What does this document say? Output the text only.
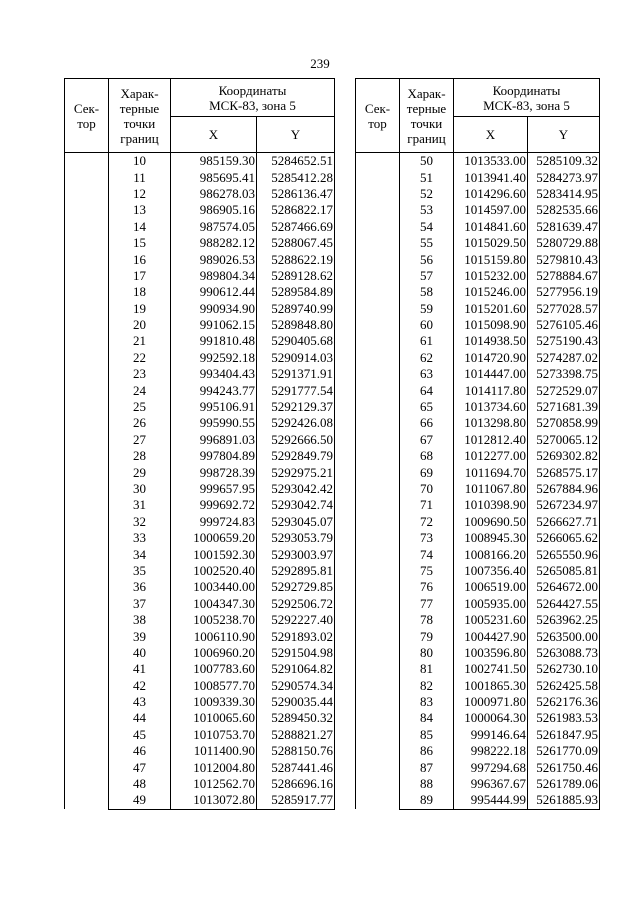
239
Сек-
тор	Харак-
терные
точки
границ	Координаты
МСК-83, зона 5	
		X	Y
	10	985159.30	5284652.51
	11	985695.41	5285412.28
	12	986278.03	5286136.47
	13	986905.16	5286822.17
	14	987574.05	5287466.69
	15	988282.12	5288067.45
	16	989026.53	5288622.19
	17	989804.34	5289128.62
	18	990612.44	5289584.89
	19	990934.90	5289740.99
	20	991062.15	5289848.80
	21	991810.48	5290405.68
	22	992592.18	5290914.03
	23	993404.43	5291371.91
	24	994243.77	5291777.54
	25	995106.91	5292129.37
	26	995990.55	5292426.08
	27	996891.03	5292666.50
	28	997804.89	5292849.79
	29	998728.39	5292975.21
	30	999657.95	5293042.42
	31	999692.72	5293042.74
	32	999724.83	5293045.07
	33	1000659.20	5293053.79
	34	1001592.30	5293003.97
	35	1002520.40	5292895.81
	36	1003440.00	5292729.85
	37	1004347.30	5292506.72
	38	1005238.70	5292227.40
	39	1006110.90	5291893.02
	40	1006960.20	5291504.98
	41	1007783.60	5291064.82
	42	1008577.70	5290574.34
	43	1009339.30	5290035.44
	44	1010065.60	5289450.32
	45	1010753.70	5288821.27
	46	1011400.90	5288150.76
	47	1012004.80	5287441.46
	48	1012562.70	5286696.16
	49	1013072.80	5285917.77
Сек-
тор	Харак-
терные
точки
границ	Координаты
МСК-83, зона 5	
		X	Y
	50	1013533.00	5285109.32
	51	1013941.40	5284273.97
	52	1014296.60	5283414.95
	53	1014597.00	5282535.66
	54	1014841.60	5281639.47
	55	1015029.50	5280729.88
	56	1015159.80	5279810.43
	57	1015232.00	5278884.67
	58	1015246.00	5277956.19
	59	1015201.60	5277028.57
	60	1015098.90	5276105.46
	61	1014938.50	5275190.43
	62	1014720.90	5274287.02
	63	1014447.00	5273398.75
	64	1014117.80	5272529.07
	65	1013734.60	5271681.39
	66	1013298.80	5270858.99
	67	1012812.40	5270065.12
	68	1012277.00	5269302.82
	69	1011694.70	5268575.17
	70	1011067.80	5267884.96
	71	1010398.90	5267234.97
	72	1009690.50	5266627.71
	73	1008945.30	5266065.62
	74	1008166.20	5265550.96
	75	1007356.40	5265085.81
	76	1006519.00	5264672.00
	77	1005935.00	5264427.55
	78	1005231.60	5263962.25
	79	1004427.90	5263500.00
	80	1003596.80	5263088.73
	81	1002741.50	5262730.10
	82	1001865.30	5262425.58
	83	1000971.80	5262176.36
	84	1000064.30	5261983.53
	85	999146.64	5261847.95
	86	998222.18	5261770.09
	87	997294.68	5261750.46
	88	996367.67	5261789.06
	89	995444.99	5261885.93
